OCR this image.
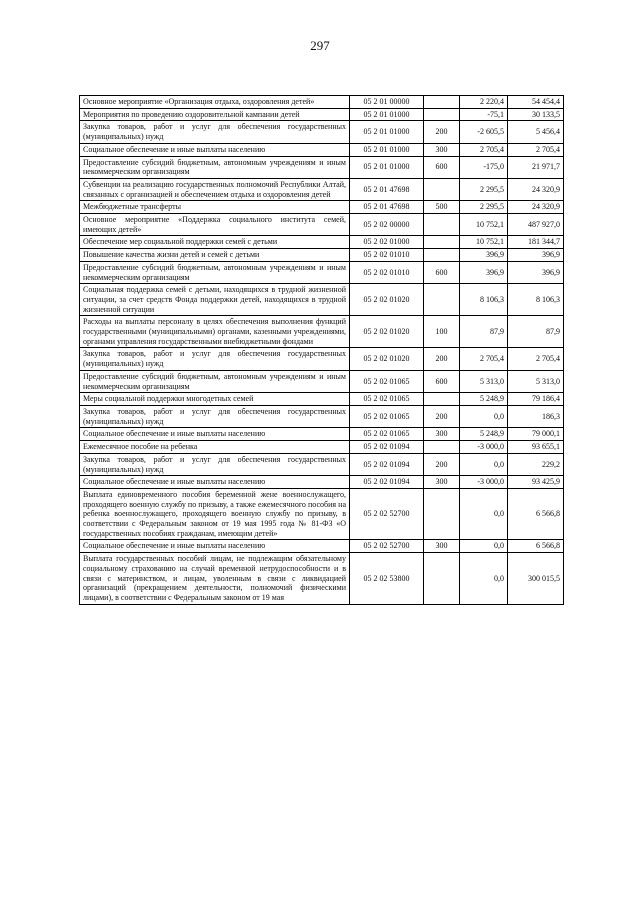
297
Основное мероприятие «Организация отдыха, оздоровления детей»	05 2 01 00000		2 220,4	54 454,4
Мероприятия по проведению оздоровительной кампании детей	05 2 01 01000		-75,1	30 133,5
Закупка товаров, работ и услуг для обеспечения государственных (муниципальных) нужд	05 2 01 01000	200	-2 605,5	5 456,4
Социальное обеспечение и иные выплаты населению	05 2 01 01000	300	2 705,4	2 705,4
Предоставление субсидий бюджетным, автономным учреждениям и иным некоммерческим организациям	05 2 01 01000	600	-175,0	21 971,7
Субвенции на реализацию государственных полномочий Республики Алтай, связанных с организацией и обеспечением отдыха и оздоровления детей	05 2 01 47698		2 295,5	24 320,9
Межбюджетные трансферты	05 2 01 47698	500	2 295,5	24 320,9
Основное мероприятие «Поддержка социального института семей, имеющих детей»	05 2 02 00000		10 752,1	487 927,0
Обеспечение мер социальной поддержки семей с детьми	05 2 02 01000		10 752,1	181 344,7
Повышение качества жизни детей и семей с детьми	05 2 02 01010		396,9	396,9
Предоставление субсидий бюджетным, автономным учреждениям и иным некоммерческим организациям	05 2 02 01010	600	396,9	396,9
Социальная поддержка семей с детьми, находящихся в трудной жизненной ситуации, за счет средств Фонда поддержки детей, находящихся в трудной жизненной ситуации	05 2 02 01020		8 106,3	8 106,3
Расходы на выплаты персоналу в целях обеспечения выполнения функций государственными (муниципальными) органами, казенными учреждениями, органами управления государственными внебюджетными фондами	05 2 02 01020	100	87,9	87,9
Закупка товаров, работ и услуг для обеспечения государственных (муниципальных) нужд	05 2 02 01020	200	2 705,4	2 705,4
Предоставление субсидий бюджетным, автономным учреждениям и иным некоммерческим организациям	05 2 02 01065	600	5 313,0	5 313,0
Меры социальной поддержки многодетных семей	05 2 02 01065		5 248,9	79 186,4
Закупка товаров, работ и услуг для обеспечения государственных (муниципальных) нужд	05 2 02 01065	200	0,0	186,3
Социальное обеспечение и иные выплаты населению	05 2 02 01065	300	5 248,9	79 000,1
Ежемесячное пособие на ребенка	05 2 02 01094		-3 000,0	93 655,1
Закупка товаров, работ и услуг для обеспечения государственных (муниципальных) нужд	05 2 02 01094	200	0,0	229,2
Социальное обеспечение и иные выплаты населению	05 2 02 01094	300	-3 000,0	93 425,9
Выплата единовременного пособия беременной жене военнослужащего, проходящего военную службу по призыву, а также ежемесячного пособия на ребенка военнослужащего, проходящего военную службу по призыву, в соответствии с Федеральным законом от 19 мая 1995 года № 81-ФЗ «О государственных пособиях гражданам, имеющим детей»	05 2 02 52700		0,0	6 566,8
Социальное обеспечение и иные выплаты населению	05 2 02 52700	300	0,0	6 566,8
Выплата государственных пособий лицам, не подлежащим обязательному социальному страхованию на случай временной нетрудоспособности и в связи с материнством, и лицам, уволенным в связи с ликвидацией организаций (прекращением деятельности, полномочий физическими лицами), в соответствии с Федеральным законом от 19 мая	05 2 02 53800		0,0	300 015,5
